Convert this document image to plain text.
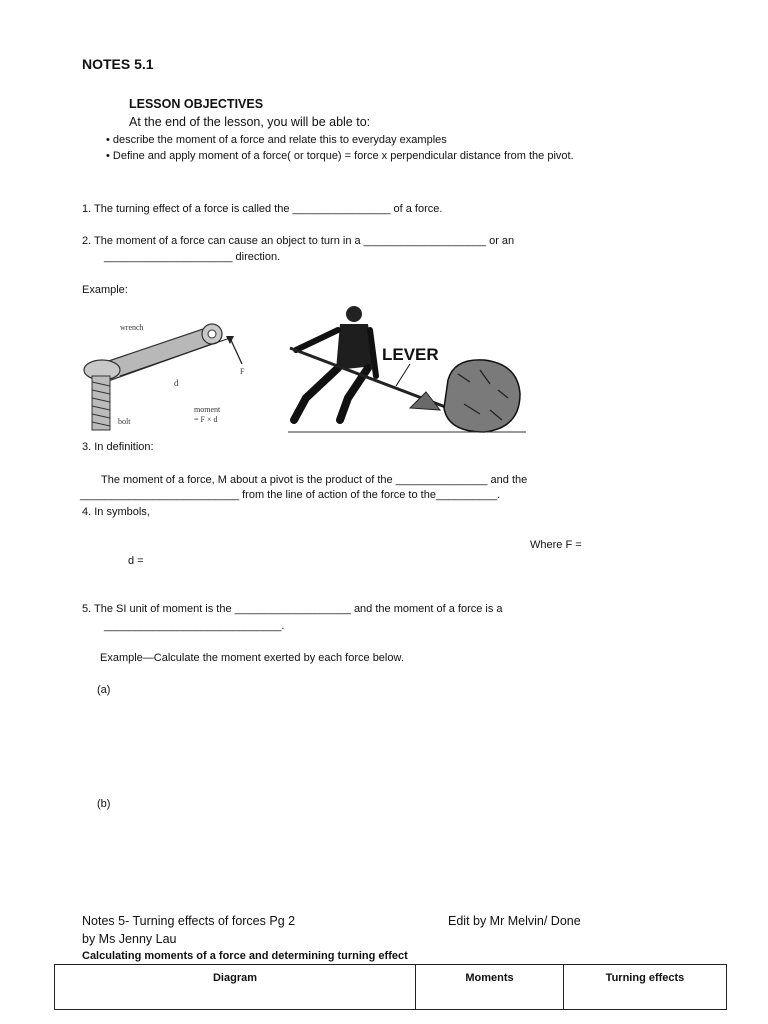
NOTES 5.1
LESSON OBJECTIVES
At the end of the lesson, you will be able to:
• describe the moment of a force and relate this to everyday examples
• Define and apply moment of a force( or torque) = force x perpendicular distance from the pivot.
1. The turning effect of a force is called the ________________ of a force.
2. The moment of a force can cause an object to turn in a ____________________ or an
_____________________ direction.
Example:
wrench
d
F
bolt
moment
= F × d
LEVER
3. In definition:
The moment of a force, M about a pivot is the product of the _______________ and the
__________________________ from the line of action of the force to the__________.
4. In symbols,
Where F =
d =
5. The SI unit of moment is the ___________________ and the moment of a force is a
_____________________________.
Example—Calculate the moment exerted by each force below.
(a)
(b)
Notes 5- Turning effects of forces Pg 2	Edit by Mr Melvin/ Done
by Ms Jenny Lau
Calculating moments of a force and determining turning effect
Diagram	Moments	Turning effects
